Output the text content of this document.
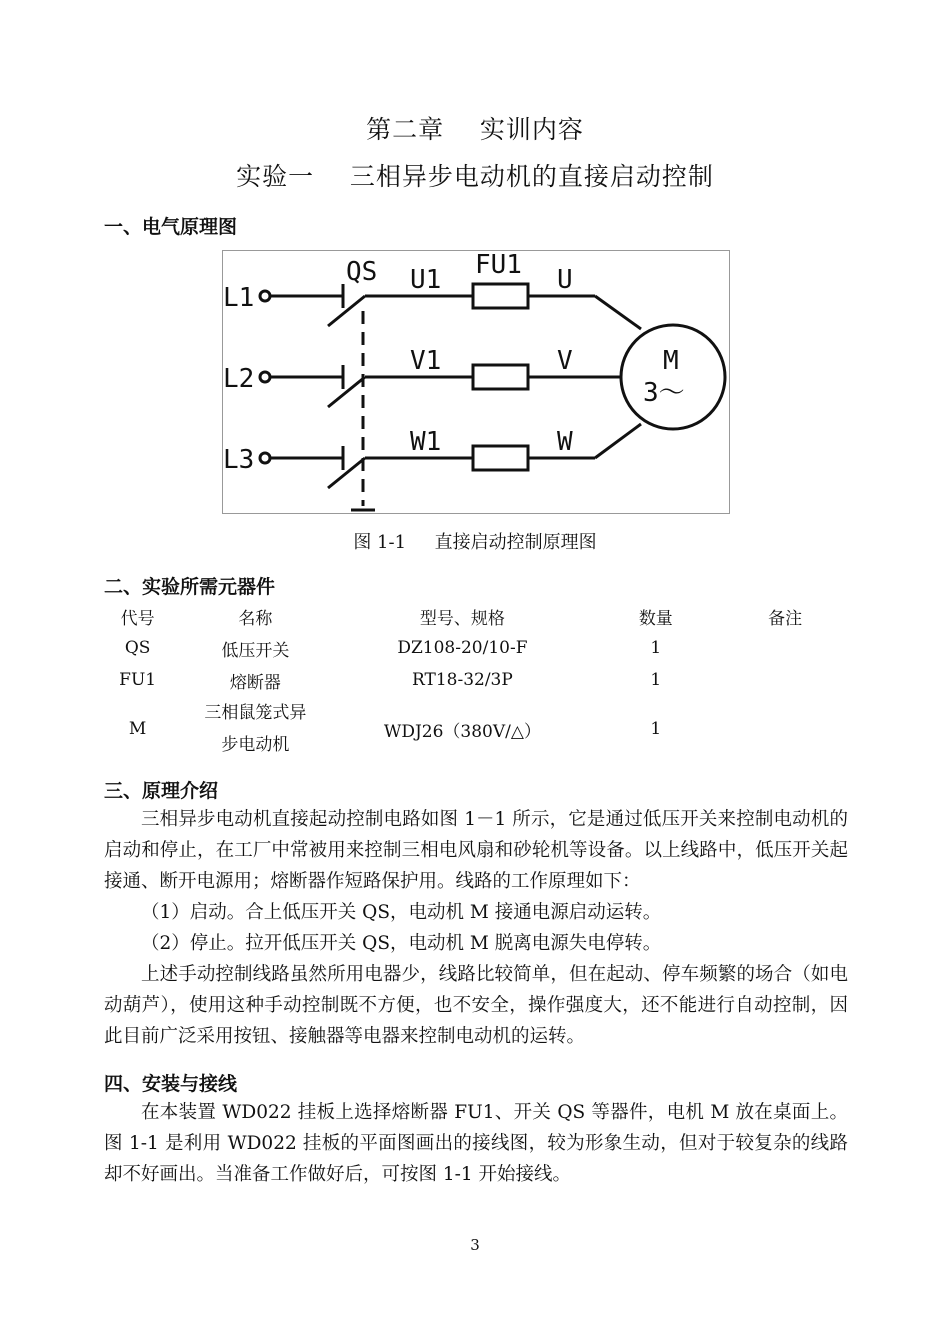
第二章    实训内容
实验一    三相异步电动机的直接启动控制
一、电气原理图
L1
L2
L3
QS U1
V1
W1
FU1 U
V
W
M
3～
图 1-1     直接启动控制原理图
二、实验所需元器件
代号	名称	型号、规格	数量	备注
QS	低压开关	DZ108-20/10-F	1	
FU1	熔断器	RT18-32/3P	1	
M	三相鼠笼式异
步电动机	WDJ26（380V/△）	1	
三、原理介绍

三相异步电动机直接起动控制电路如图 1－1 所示，它是通过低压开关来控制电动机的启动和停止，在工厂中常被用来控制三相电风扇和砂轮机等设备。以上线路中，低压开关起接通、断开电源用；熔断器作短路保护用。线路的工作原理如下：

（1）启动。合上低压开关 QS，电动机 M 接通电源启动运转。

（2）停止。拉开低压开关 QS，电动机 M 脱离电源失电停转。

上述手动控制线路虽然所用电器少，线路比较简单，但在起动、停车频繁的场合（如电动葫芦），使用这种手动控制既不方便，也不安全，操作强度大，还不能进行自动控制，因此目前广泛采用按钮、接触器等电器来控制电动机的运转。

四、安装与接线

在本装置 WD022 挂板上选择熔断器 FU1、开关 QS 等器件，电机 M 放在桌面上。图 1-1 是利用 WD022 挂板的平面图画出的接线图，较为形象生动，但对于较复杂的线路却不好画出。当准备工作做好后，可按图 1-1 开始接线。

3
